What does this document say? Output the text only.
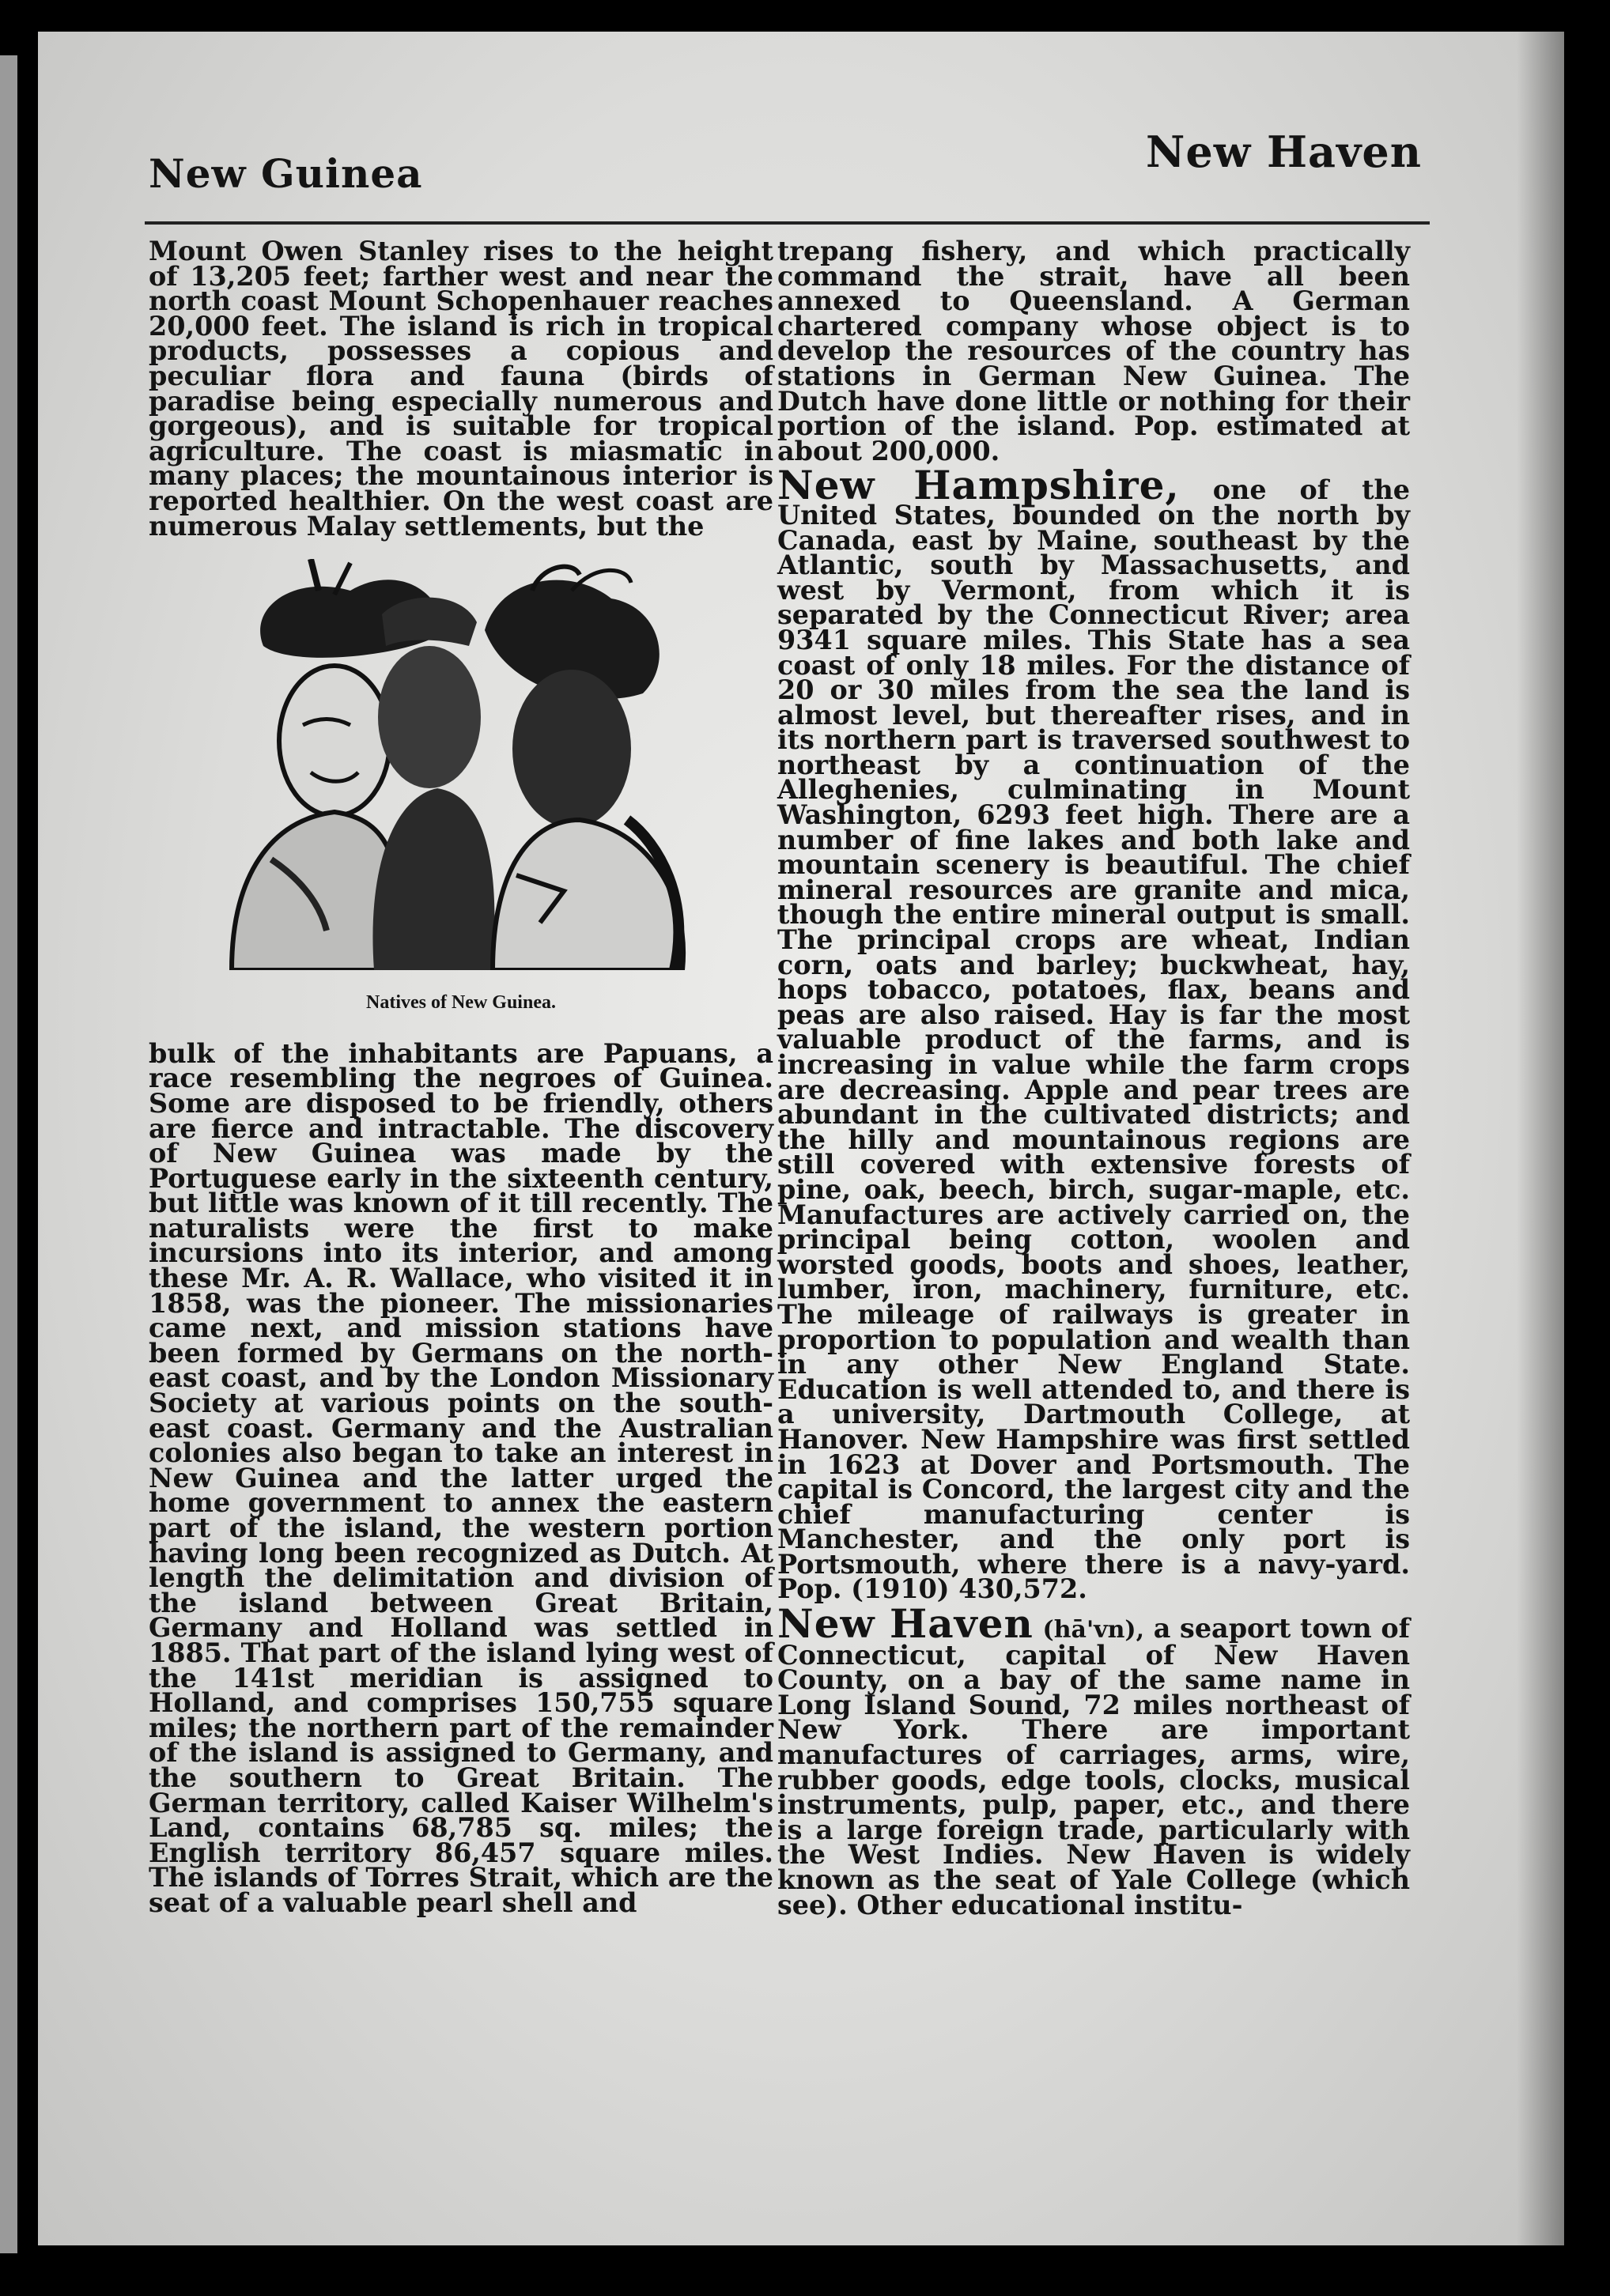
New Guinea	New Haven

Mount Owen Stanley rises to the height of 13,205 feet; farther west and near the north coast Mount Schopenhauer reaches 20,000 feet. The island is rich in tropical products, possesses a copious and peculiar flora and fauna (birds of paradise being especially numerous and gorgeous), and is suitable for tropical agriculture. The coast is miasmatic in many places; the mountainous interior is reported healthier. On the west coast are numerous Malay settlements, but the

Natives of New Guinea.

bulk of the inhabitants are Papuans, a race resembling the negroes of Guinea. Some are disposed to be friendly, others are fierce and intractable. The discovery of New Guinea was made by the Portuguese early in the sixteenth century, but little was known of it till recently. The naturalists were the first to make incursions into its interior, and among these Mr. A. R. Wallace, who visited it in 1858, was the pioneer. The missionaries came next, and mission stations have been formed by Germans on the north-east coast, and by the London Missionary Society at various points on the south-east coast. Germany and the Australian colonies also began to take an interest in New Guinea and the latter urged the home government to annex the eastern part of the island, the western portion having long been recognized as Dutch. At length the delimitation and division of the island between Great Britain, Germany and Holland was settled in 1885. That part of the island lying west of the 141st meridian is assigned to Holland, and comprises 150,755 square miles; the northern part of the remainder of the island is assigned to Germany, and the southern to Great Britain. The German territory, called Kaiser Wilhelm's Land, contains 68,785 sq. miles; the English territory 86,457 square miles. The islands of Torres Strait, which are the seat of a valuable pearl shell and

trepang fishery, and which practically command the strait, have all been annexed to Queensland. A German chartered company whose object is to develop the resources of the country has stations in German New Guinea. The Dutch have done little or nothing for their portion of the island. Pop. estimated at about 200,000.

New Hampshire, one of the United States, bounded on the north by Canada, east by Maine, southeast by the Atlantic, south by Massachusetts, and west by Vermont, from which it is separated by the Connecticut River; area 9341 square miles. This State has a sea coast of only 18 miles. For the distance of 20 or 30 miles from the sea the land is almost level, but thereafter rises, and in its northern part is traversed southwest to northeast by a continuation of the Alleghenies, culminating in Mount Washington, 6293 feet high. There are a number of fine lakes and both lake and mountain scenery is beautiful. The chief mineral resources are granite and mica, though the entire mineral output is small. The principal crops are wheat, Indian corn, oats and barley; buckwheat, hay, hops tobacco, potatoes, flax, beans and peas are also raised. Hay is far the most valuable product of the farms, and is increasing in value while the farm crops are decreasing. Apple and pear trees are abundant in the cultivated districts; and the hilly and mountainous regions are still covered with extensive forests of pine, oak, beech, birch, sugar-maple, etc. Manufactures are actively carried on, the principal being cotton, woolen and worsted goods, boots and shoes, leather, lumber, iron, machinery, furniture, etc. The mileage of railways is greater in proportion to population and wealth than in any other New England State. Education is well attended to, and there is a university, Dartmouth College, at Hanover. New Hampshire was first settled in 1623 at Dover and Portsmouth. The capital is Concord, the largest city and the chief manufacturing center is Manchester, and the only port is Portsmouth, where there is a navy-yard. Pop. (1910) 430,572.

New Haven (hā'vn), a seaport town of Connecticut, capital of New Haven County, on a bay of the same name in Long Island Sound, 72 miles northeast of New York. There are important manufactures of carriages, arms, wire, rubber goods, edge tools, clocks, musical instruments, pulp, paper, etc., and there is a large foreign trade, particularly with the West Indies. New Haven is widely known as the seat of Yale College (which see). Other educational institu-
